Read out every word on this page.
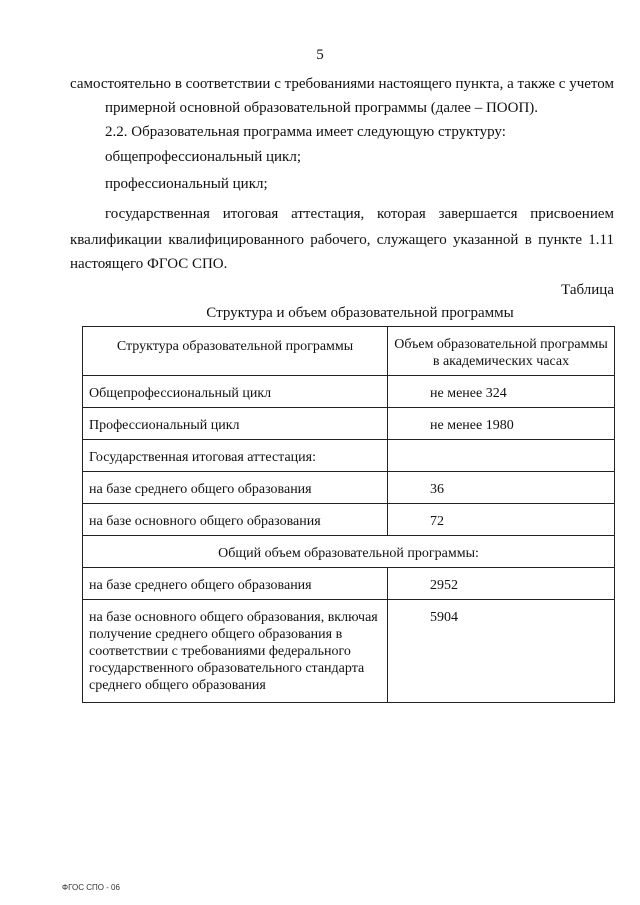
5

самостоятельно в соответствии с требованиями настоящего пункта, а также с учетом

примерной основной образовательной программы (далее – ПООП).

2.2. Образовательная программа имеет следующую структуру:

общепрофессиональный цикл;

профессиональный цикл;

государственная итоговая аттестация, которая завершается присвоением

квалификации квалифицированного рабочего, служащего указанной в пункте 1.11

настоящего ФГОС СПО.

Таблица
Структура и объем образовательной программы
Структура образовательной программы	Объем образовательной программы в академических часах
Общепрофессиональный цикл	не менее 324
Профессиональный цикл	не менее 1980
Государственная итоговая аттестация:	
на базе среднего общего образования	36
на базе основного общего образования	72
Общий объем образовательной программы:	
на базе среднего общего образования	2952
на базе основного общего образования, включая получение среднего общего образования в соответствии с требованиями федерального государственного образовательного стандарта среднего общего образования	5904
ФГОС СПО - 06
